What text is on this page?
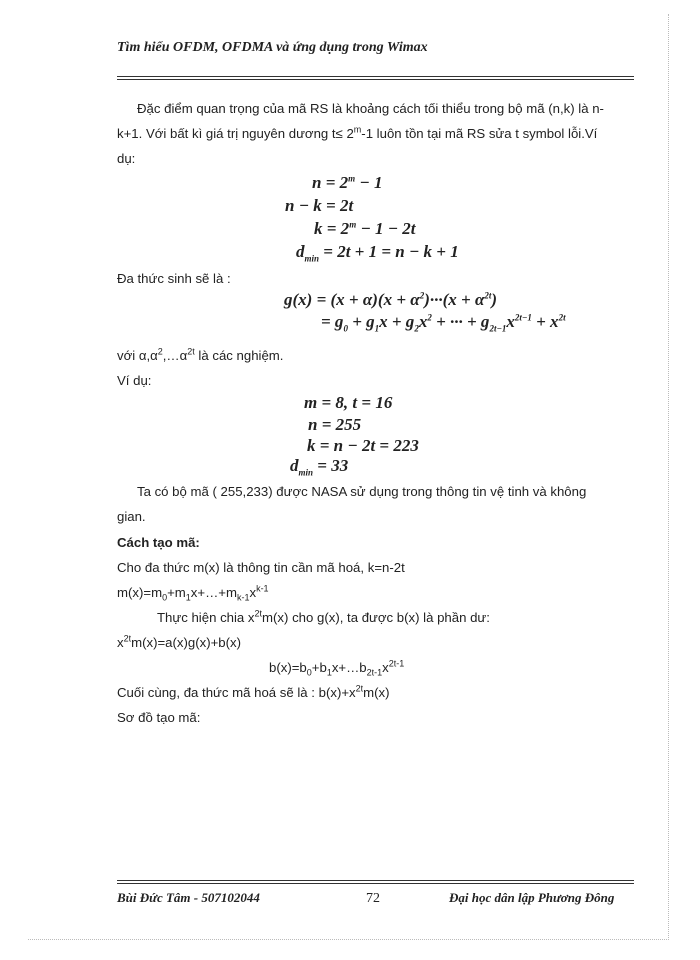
Tìm hiểu OFDM, OFDMA và ứng dụng trong Wimax

Đặc điểm quan trọng của mã RS là khoảng cách tối thiểu trong bộ mã (n,k) là n-

k+1. Với bất kì giá trị nguyên dương $t\le 2^m-1$ luôn tồn tại mã RS sửa t symbol lỗi.Ví

dụ:

$n = 2^m - 1$
n − k = 2t
$k = 2^m - 1 - 2t$
$d_{min} = 2t + 1 = n - k + 1$

Đa thức sinh sẽ là :

$g(x) = (x + \alpha)(x + \alpha^2)\cdot\cdot\cdot(x + \alpha^{2t})$
= $g_0 + g_1x + g_2x^2$ + ··· + $g_{2t-1}x^{2t-1} + x^{2t}$

với $\alpha,\alpha^2,\dots\alpha^{2t}$ là các nghiệm.

Ví dụ:

m = 8, t = 16
n = 255
k = n − 2t = 223
$d_{min} = 33$

Ta có bộ mã ( 255,233) được NASA sử dụng trong thông tin vệ tinh và không

gian.

Cách tạo mã:

Cho đa thức m(x) là thông tin cần mã hoá, k=n-2t

$m(x)=m_0+m_1x+\dots+m_{k-1}x^{k-1}$

Thực hiện chia $x^{2t}m(x)$ cho g(x), ta được b(x) là phần dư:

$x^{2t}m(x)=a(x)g(x)+b(x)$

$b(x)=b_0+b_1x+\dots b_{2t-1}x^{2t-1}$

Cuối cùng, đa thức mã hoá sẽ là : $b(x)+x^{2t}m(x)$

Sơ đồ tạo mã:

Bùi Đức Tâm - 507102044	72	Đại học dân lập Phương Đông
